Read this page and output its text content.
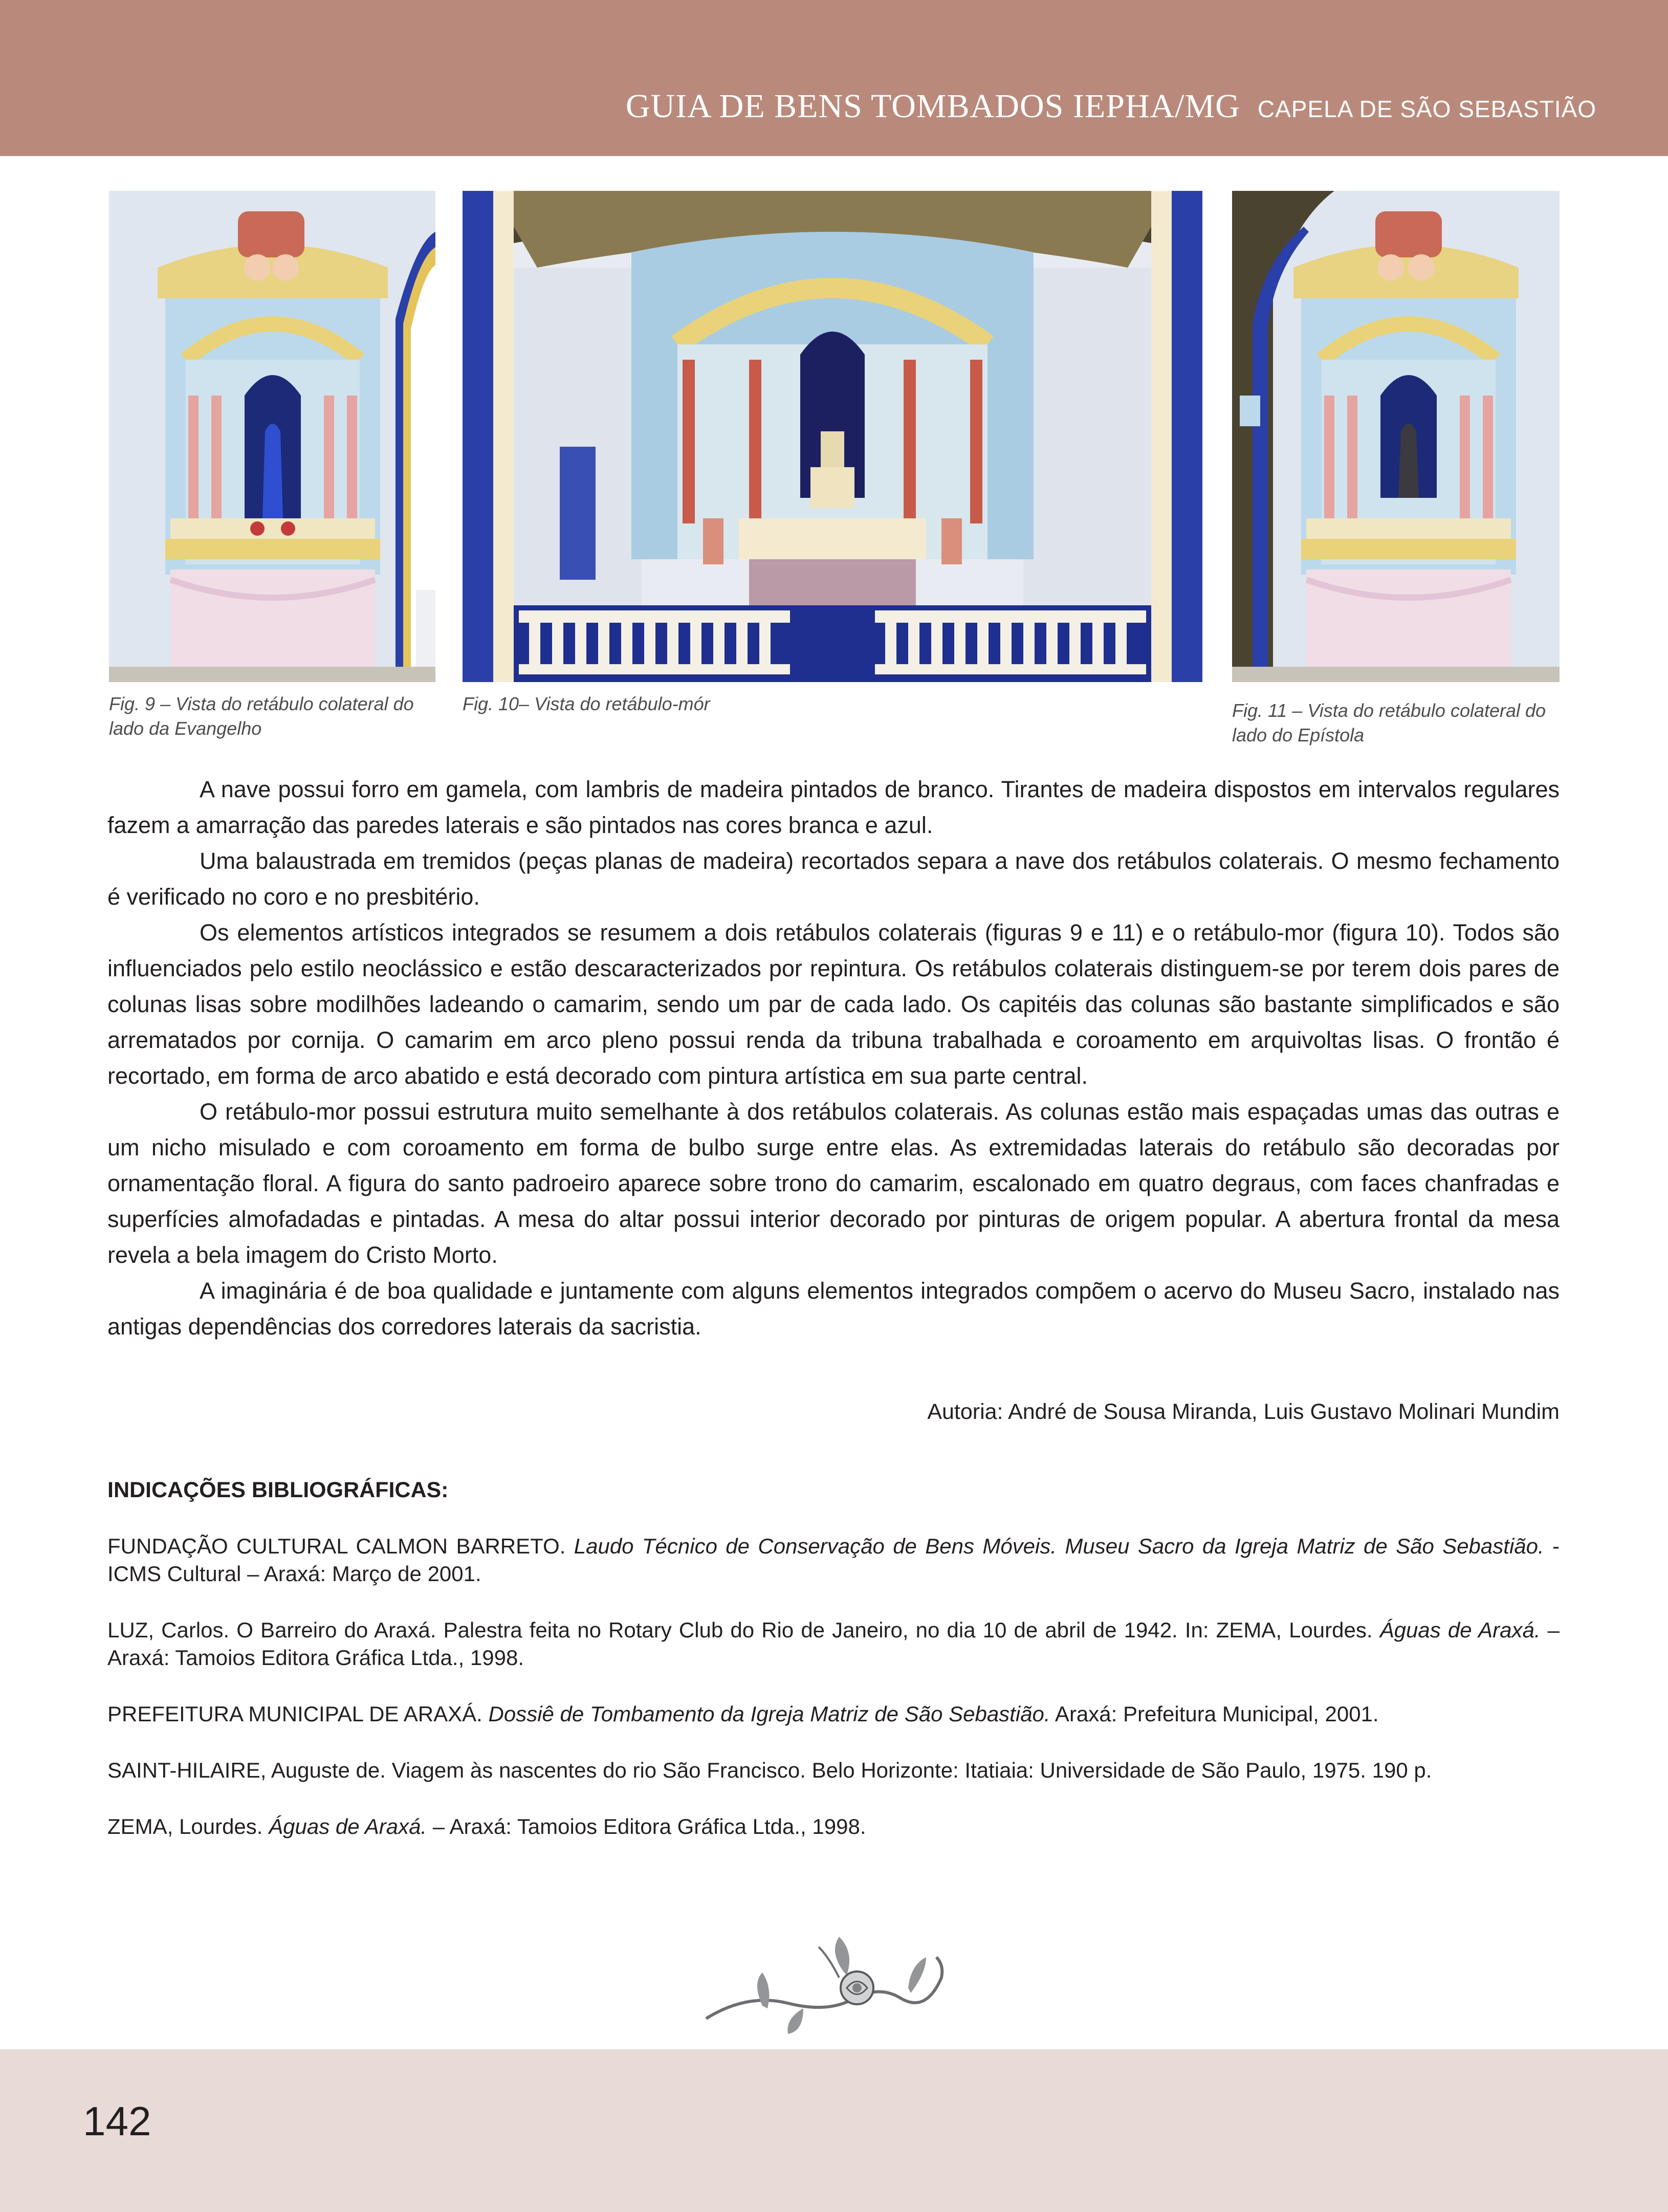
GUIA DE BENS TOMBADOS IEPHA/MG CAPELA DE SÃO SEBASTIÃO
Fig. 9 – Vista do retábulo colateral do lado da Evangelho
Fig. 10– Vista do retábulo-mór	Fig. 11 – Vista do retábulo colateral do lado do Epístola

A nave possui forro em gamela, com lambris de madeira pintados de branco. Tirantes de madeira dispostos em intervalos regulares fazem a amarração das paredes laterais e são pintados nas cores branca e azul.

Uma balaustrada em tremidos (peças planas de madeira) recortados separa a nave dos retábulos colaterais. O mesmo fechamento é verificado no coro e no presbitério.

Os elementos artísticos integrados se resumem a dois retábulos colaterais (figuras 9 e 11) e o retábulo-mor (figura 10). Todos são influenciados pelo estilo neoclássico e estão descaracterizados por repintura. Os retábulos colaterais distinguem-se por terem dois pares de colunas lisas sobre modilhões ladeando o camarim, sendo um par de cada lado. Os capitéis das colunas são bastante simplificados e são arrematados por cornija. O camarim em arco pleno possui renda da tribuna trabalhada e coroamento em arquivoltas lisas. O frontão é recortado, em forma de arco abatido e está decorado com pintura artística em sua parte central.

O retábulo-mor possui estrutura muito semelhante à dos retábulos colaterais. As colunas estão mais espaçadas umas das outras e um nicho misulado e com coroamento em forma de bulbo surge entre elas. As extremidadas laterais do retábulo são decoradas por ornamentação floral. A figura do santo padroeiro aparece sobre trono do camarim, escalonado em quatro degraus, com faces chanfradas e superfícies almofadadas e pintadas. A mesa do altar possui interior decorado por pinturas de origem popular. A abertura frontal da mesa revela a bela imagem do Cristo Morto.

A imaginária é de boa qualidade e juntamente com alguns elementos integrados compõem o acervo do Museu Sacro, instalado nas antigas dependências dos corredores laterais da sacristia.

Autoria: André de Sousa Miranda, Luis Gustavo Molinari Mundim

INDICAÇÕES BIBLIOGRÁFICAS:

FUNDAÇÃO CULTURAL CALMON BARRETO. Laudo Técnico de Conservação de Bens Móveis. Museu Sacro da Igreja Matriz de São Sebastião. - ICMS Cultural – Araxá: Março de 2001.

LUZ, Carlos. O Barreiro do Araxá. Palestra feita no Rotary Club do Rio de Janeiro, no dia 10 de abril de 1942. In: ZEMA, Lourdes. Águas de Araxá. – Araxá: Tamoios Editora Gráfica Ltda., 1998.

PREFEITURA MUNICIPAL DE ARAXÁ. Dossiê de Tombamento da Igreja Matriz de São Sebastião. Araxá: Prefeitura Municipal, 2001.

SAINT-HILAIRE, Auguste de. Viagem às nascentes do rio São Francisco. Belo Horizonte: Itatiaia: Universidade de São Paulo, 1975. 190 p.

ZEMA, Lourdes. Águas de Araxá. – Araxá: Tamoios Editora Gráfica Ltda., 1998.

142
